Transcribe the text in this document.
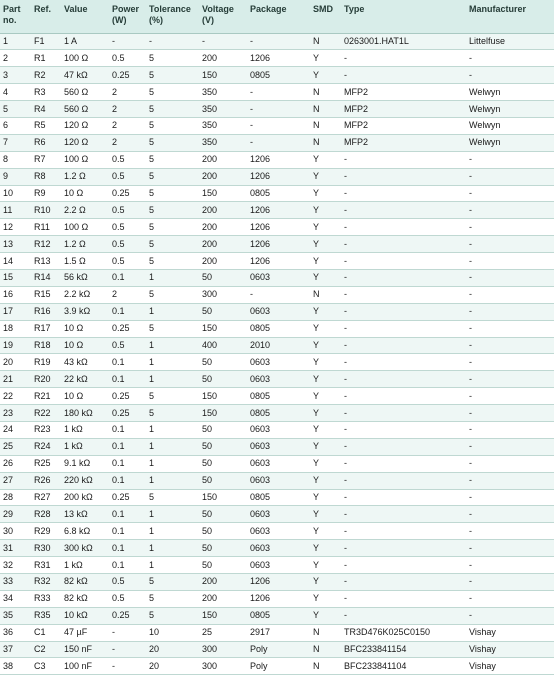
Part no.	Ref.	Value	Power (W)	Tolerance (%)	Voltage (V)	Package	SMD	Type	Manufacturer
1	F1	1 A	-	-	-	-	N	0263001.HAT1L	Littelfuse
2	R1	100 Ω	0.5	5	200	1206	Y	-	-
3	R2	47 kΩ	0.25	5	150	0805	Y	-	-
4	R3	560 Ω	2	5	350	-	N	MFP2	Welwyn
5	R4	560 Ω	2	5	350	-	N	MFP2	Welwyn
6	R5	120 Ω	2	5	350	-	N	MFP2	Welwyn
7	R6	120 Ω	2	5	350	-	N	MFP2	Welwyn
8	R7	100 Ω	0.5	5	200	1206	Y	-	-
9	R8	1.2 Ω	0.5	5	200	1206	Y	-	-
10	R9	10 Ω	0.25	5	150	0805	Y	-	-
11	R10	2.2 Ω	0.5	5	200	1206	Y	-	-
12	R11	100 Ω	0.5	5	200	1206	Y	-	-
13	R12	1.2 Ω	0.5	5	200	1206	Y	-	-
14	R13	1.5 Ω	0.5	5	200	1206	Y	-	-
15	R14	56 kΩ	0.1	1	50	0603	Y	-	-
16	R15	2.2 kΩ	2	5	300	-	N	-	-
17	R16	3.9 kΩ	0.1	1	50	0603	Y	-	-
18	R17	10 Ω	0.25	5	150	0805	Y	-	-
19	R18	10 Ω	0.5	1	400	2010	Y	-	-
20	R19	43 kΩ	0.1	1	50	0603	Y	-	-
21	R20	22 kΩ	0.1	1	50	0603	Y	-	-
22	R21	10 Ω	0.25	5	150	0805	Y	-	-
23	R22	180 kΩ	0.25	5	150	0805	Y	-	-
24	R23	1 kΩ	0.1	1	50	0603	Y	-	-
25	R24	1 kΩ	0.1	1	50	0603	Y	-	-
26	R25	9.1 kΩ	0.1	1	50	0603	Y	-	-
27	R26	220 kΩ	0.1	1	50	0603	Y	-	-
28	R27	200 kΩ	0.25	5	150	0805	Y	-	-
29	R28	13 kΩ	0.1	1	50	0603	Y	-	-
30	R29	6.8 kΩ	0.1	1	50	0603	Y	-	-
31	R30	300 kΩ	0.1	1	50	0603	Y	-	-
32	R31	1 kΩ	0.1	1	50	0603	Y	-	-
33	R32	82 kΩ	0.5	5	200	1206	Y	-	-
34	R33	82 kΩ	0.5	5	200	1206	Y	-	-
35	R35	10 kΩ	0.25	5	150	0805	Y	-	-
36	C1	47 µF	-	10	25	2917	N	TR3D476K025C0150	Vishay
37	C2	150 nF	-	20	300	Poly	N	BFC233841154	Vishay
38	C3	100 nF	-	20	300	Poly	N	BFC233841104	Vishay
